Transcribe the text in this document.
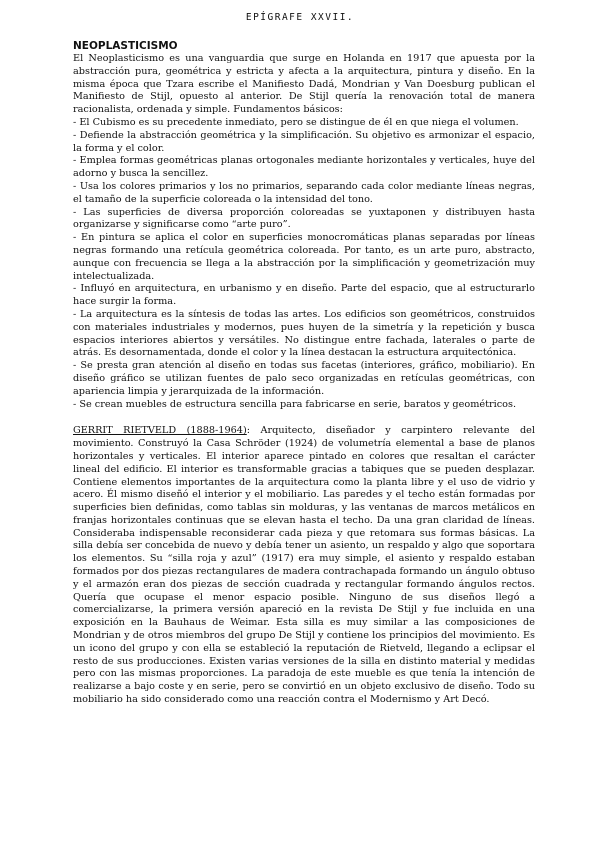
EPÍGRAFE XXVII.

NEOPLASTICISMO

El Neoplasticismo es una vanguardia que surge en Holanda en 1917 que apuesta por la abstracción pura, geométrica y estricta y afecta a la arquitectura, pintura y diseño. En la misma época que Tzara escribe el Manifiesto Dadá, Mondrian y Van Doesburg publican el Manifiesto de Stijl, opuesto al anterior. De Stijl quería la renovación total de manera racionalista, ordenada y simple. Fundamentos básicos:

- El Cubismo es su precedente inmediato, pero se distingue de él en que niega el volumen.

- Defiende la abstracción geométrica y la simplificación. Su objetivo es armonizar el espacio, la forma y el color.

- Emplea formas geométricas planas ortogonales mediante horizontales y verticales, huye del adorno y busca la sencillez.

- Usa los colores primarios y los no primarios, separando cada color mediante líneas negras, el tamaño de la superficie coloreada o la intensidad del tono.

- Las superficies de diversa proporción coloreadas se yuxtaponen y distribuyen hasta organizarse y significarse como “arte puro”.

- En pintura se aplica el color en superficies monocromáticas planas separadas por líneas negras formando una retícula geométrica coloreada. Por tanto, es un arte puro, abstracto, aunque con frecuencia se llega a la abstracción por la simplificación y geometrización muy intelectualizada.

- Influyó en arquitectura, en urbanismo y en diseño. Parte del espacio, que al estructurarlo hace surgir la forma.

- La arquitectura es la síntesis de todas las artes. Los edificios son geométricos, construidos con materiales industriales y modernos, pues huyen de la simetría y la repetición y busca espacios interiores abiertos y versátiles. No distingue entre fachada, laterales o parte de atrás. Es desornamentada, donde el color y la línea destacan la estructura arquitectónica.

- Se presta gran atención al diseño en todas sus facetas (interiores, gráfico, mobiliario). En diseño gráfico se utilizan fuentes de palo seco organizadas en retículas geométricas, con apariencia limpia y jerarquizada de la información.

- Se crean muebles de estructura sencilla para fabricarse en serie, baratos y geométricos.

GERRIT RIETVELD (1888-1964): Arquitecto, diseñador y carpintero relevante del movimiento. Construyó la Casa Schröder (1924) de volumetría elemental a base de planos horizontales y verticales. El interior aparece pintado en colores que resaltan el carácter lineal del edificio. El interior es transformable gracias a tabiques que se pueden desplazar. Contiene elementos importantes de la arquitectura como la planta libre y el uso de vidrio y acero. Él mismo diseñó el interior y el mobiliario. Las paredes y el techo están formadas por superficies bien definidas, como tablas sin molduras, y las ventanas de marcos metálicos en franjas horizontales continuas que se elevan hasta el techo. Da una gran claridad de líneas. Consideraba indispensable reconsiderar cada pieza y que retomara sus formas básicas. La silla debía ser concebida de nuevo y debía tener un asiento, un respaldo y algo que soportara los elementos. Su “silla roja y azul” (1917) era muy simple, el asiento y respaldo estaban formados por dos piezas rectangulares de madera contrachapada formando un ángulo obtuso y el armazón eran dos piezas de sección cuadrada y rectangular formando ángulos rectos. Quería que ocupase el menor espacio posible. Ninguno de sus diseños llegó a comercializarse, la primera versión apareció en la revista De Stijl y fue incluida en una exposición en la Bauhaus de Weimar. Esta silla es muy similar a las composiciones de Mondrian y de otros miembros del grupo De Stijl y contiene los principios del movimiento. Es un icono del grupo y con ella se estableció la reputación de Rietveld, llegando a eclipsar el resto de sus producciones. Existen varias versiones de la silla en distinto material y medidas pero con las mismas proporciones. La paradoja de este mueble es que tenía la intención de realizarse a bajo coste y en serie, pero se convirtió en un objeto exclusivo de diseño. Todo su mobiliario ha sido considerado como una reacción contra el Modernismo y Art Decó.
